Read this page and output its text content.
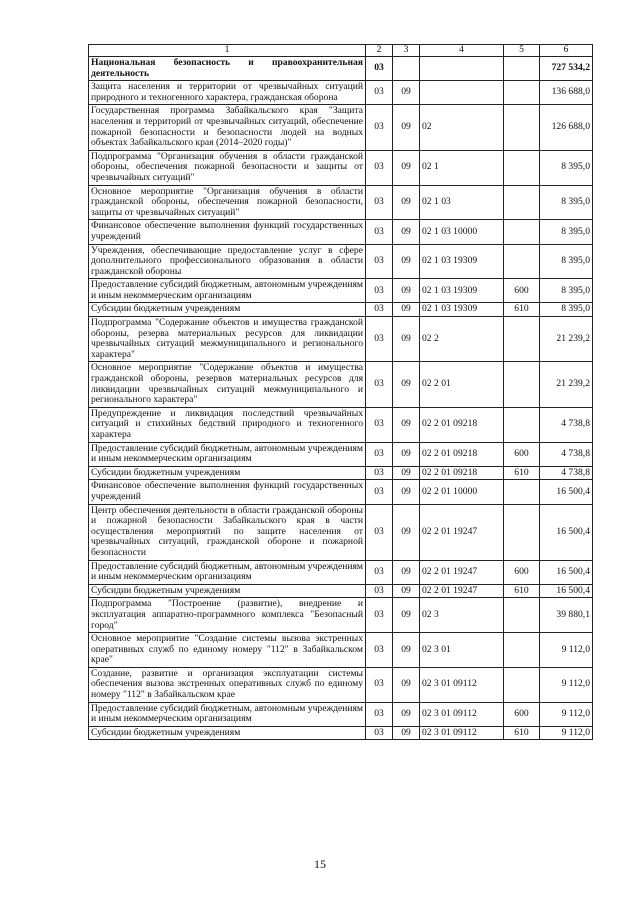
1	2	3	4	5	6
Национальная безопасность и правоохранительная деятельность	03				727 534,2
Защита населения и территории от чрезвычайных ситуаций природного и техногенного характера, гражданская оборона	03	09			136 688,0
Государственная программа Забайкальского края "Защита населения и территорий от чрезвычайных ситуаций, обеспечение пожарной безопасности и безопасности людей на водных объектах Забайкальского края (2014–2020 годы)"	03	09	02		126 688,0
Подпрограмма "Организация обучения в области гражданской обороны, обеспечения пожарной безопасности и защиты от чрезвычайных ситуаций"	03	09	02 1		8 395,0
Основное мероприятие "Организация обучения в области гражданской обороны, обеспечения пожарной безопасности, защиты от чрезвычайных ситуаций"	03	09	02 1 03		8 395,0
Финансовое обеспечение выполнения функций государственных учреждений	03	09	02 1 03 10000		8 395,0
Учреждения, обеспечивающие предоставление услуг в сфере дополнительного профессионального образования в области гражданской обороны	03	09	02 1 03 19309		8 395,0
Предоставление субсидий бюджетным, автономным учреждениям и иным некоммерческим организациям	03	09	02 1 03 19309	600	8 395,0
Субсидии бюджетным учреждениям	03	09	02 1 03 19309	610	8 395,0
Подпрограмма "Содержание объектов и имущества гражданской обороны, резерва материальных ресурсов для ликвидации чрезвычайных ситуаций межмуниципального и регионального характера"	03	09	02 2		21 239,2
Основное мероприятие "Содержание объектов и имущества гражданской обороны, резервов материальных ресурсов для ликвидации чрезвычайных ситуаций межмуниципального и регионального характера"	03	09	02 2 01		21 239,2
Предупреждение и ликвидация последствий чрезвычайных ситуаций и стихийных бедствий природного и техногенного характера	03	09	02 2 01 09218		4 738,8
Предоставление субсидий бюджетным, автономным учреждениям и иным некоммерческим организациям	03	09	02 2 01 09218	600	4 738,8
Субсидии бюджетным учреждениям	03	09	02 2 01 09218	610	4 738,8
Финансовое обеспечение выполнения функций государственных учреждений	03	09	02 2 01 10000		16 500,4
Центр обеспечения деятельности в области гражданской обороны и пожарной безопасности Забайкальского края в части осуществления мероприятий по защите населения от чрезвычайных ситуаций, гражданской обороне и пожарной безопасности	03	09	02 2 01 19247		16 500,4
Предоставление субсидий бюджетным, автономным учреждениям и иным некоммерческим организациям	03	09	02 2 01 19247	600	16 500,4
Субсидии бюджетным учреждениям	03	09	02 2 01 19247	610	16 500,4
Подпрограмма "Построение (развитие), внедрение и эксплуатация аппаратно-программного комплекса "Безопасный город"	03	09	02 3		39 880,1
Основное мероприятие "Создание системы вызова экстренных оперативных служб по единому номеру "112" в Забайкальском крае"	03	09	02 3 01		9 112,0
Создание, развитие и организация эксплуатации системы обеспечения вызова экстренных оперативных служб по единому номеру "112" в Забайкальском крае	03	09	02 3 01 09112		9 112,0
Предоставление субсидий бюджетным, автономным учреждениям и иным некоммерческим организациям	03	09	02 3 01 09112	600	9 112,0
Субсидии бюджетным учреждениям	03	09	02 3 01 09112	610	9 112,0
15
